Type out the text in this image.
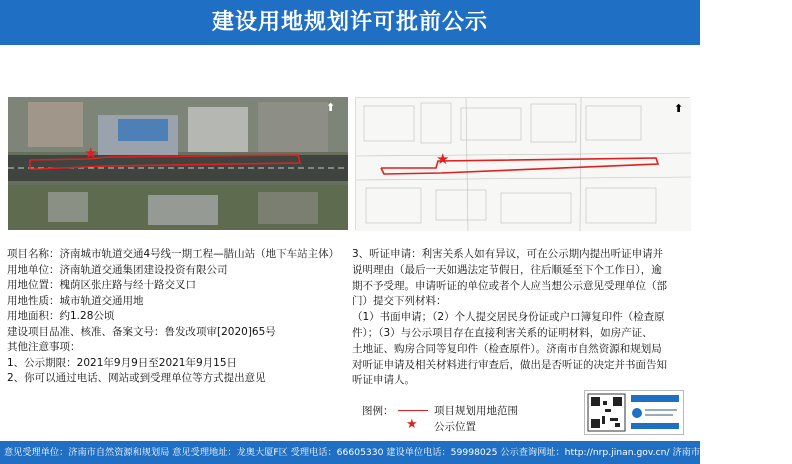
建设用地规划许可批前公示
★
⬆
★
⬆
项目名称：济南城市轨道交通4号线一期工程—腊山站（地下车站主体）
用地单位：济南轨道交通集团建设投资有限公司
用地位置：槐荫区张庄路与经十路交叉口
用地性质：城市轨道交通用地
用地面积：约1.28公顷
建设项目品准、核准、备案文号：鲁发改项审[2020]65号
其他注意事项：
1、公示期限：2021年9月9日至2021年9月15日
2、你可以通过电话、网站或到受理单位等方式提出意见
3、听证申请：利害关系人如有异议，可在公示期内提出听证申请并
说明理由（最后一天如遇法定节假日，往后顺延至下个工作日），逾
期不予受理。申请听证的单位或者个人应当想公示意见受理单位（部
门）提交下列材料：
（1）书面申请；（2）个人提交居民身份证或户口簿复印件（检查原
件）；（3）与公示项目存在直接利害关系的证明材料，如房产证、
土地证、购房合同等复印件（检查原件）。济南市自然资源和规划局
对听证申请及相关材料进行审查后，做出是否听证的决定并书面告知
听证申请人。
图例：	项目规划用地范围
★ 公示位置
意见受理单位：济南市自然资源和规划局 意见受理地址：龙奥大厦F区 受理电话：66605330 建设单位电话：59998025 公示查询网址：http://nrp.jinan.gov.cn/ 济南市自然资源和规划局监制
